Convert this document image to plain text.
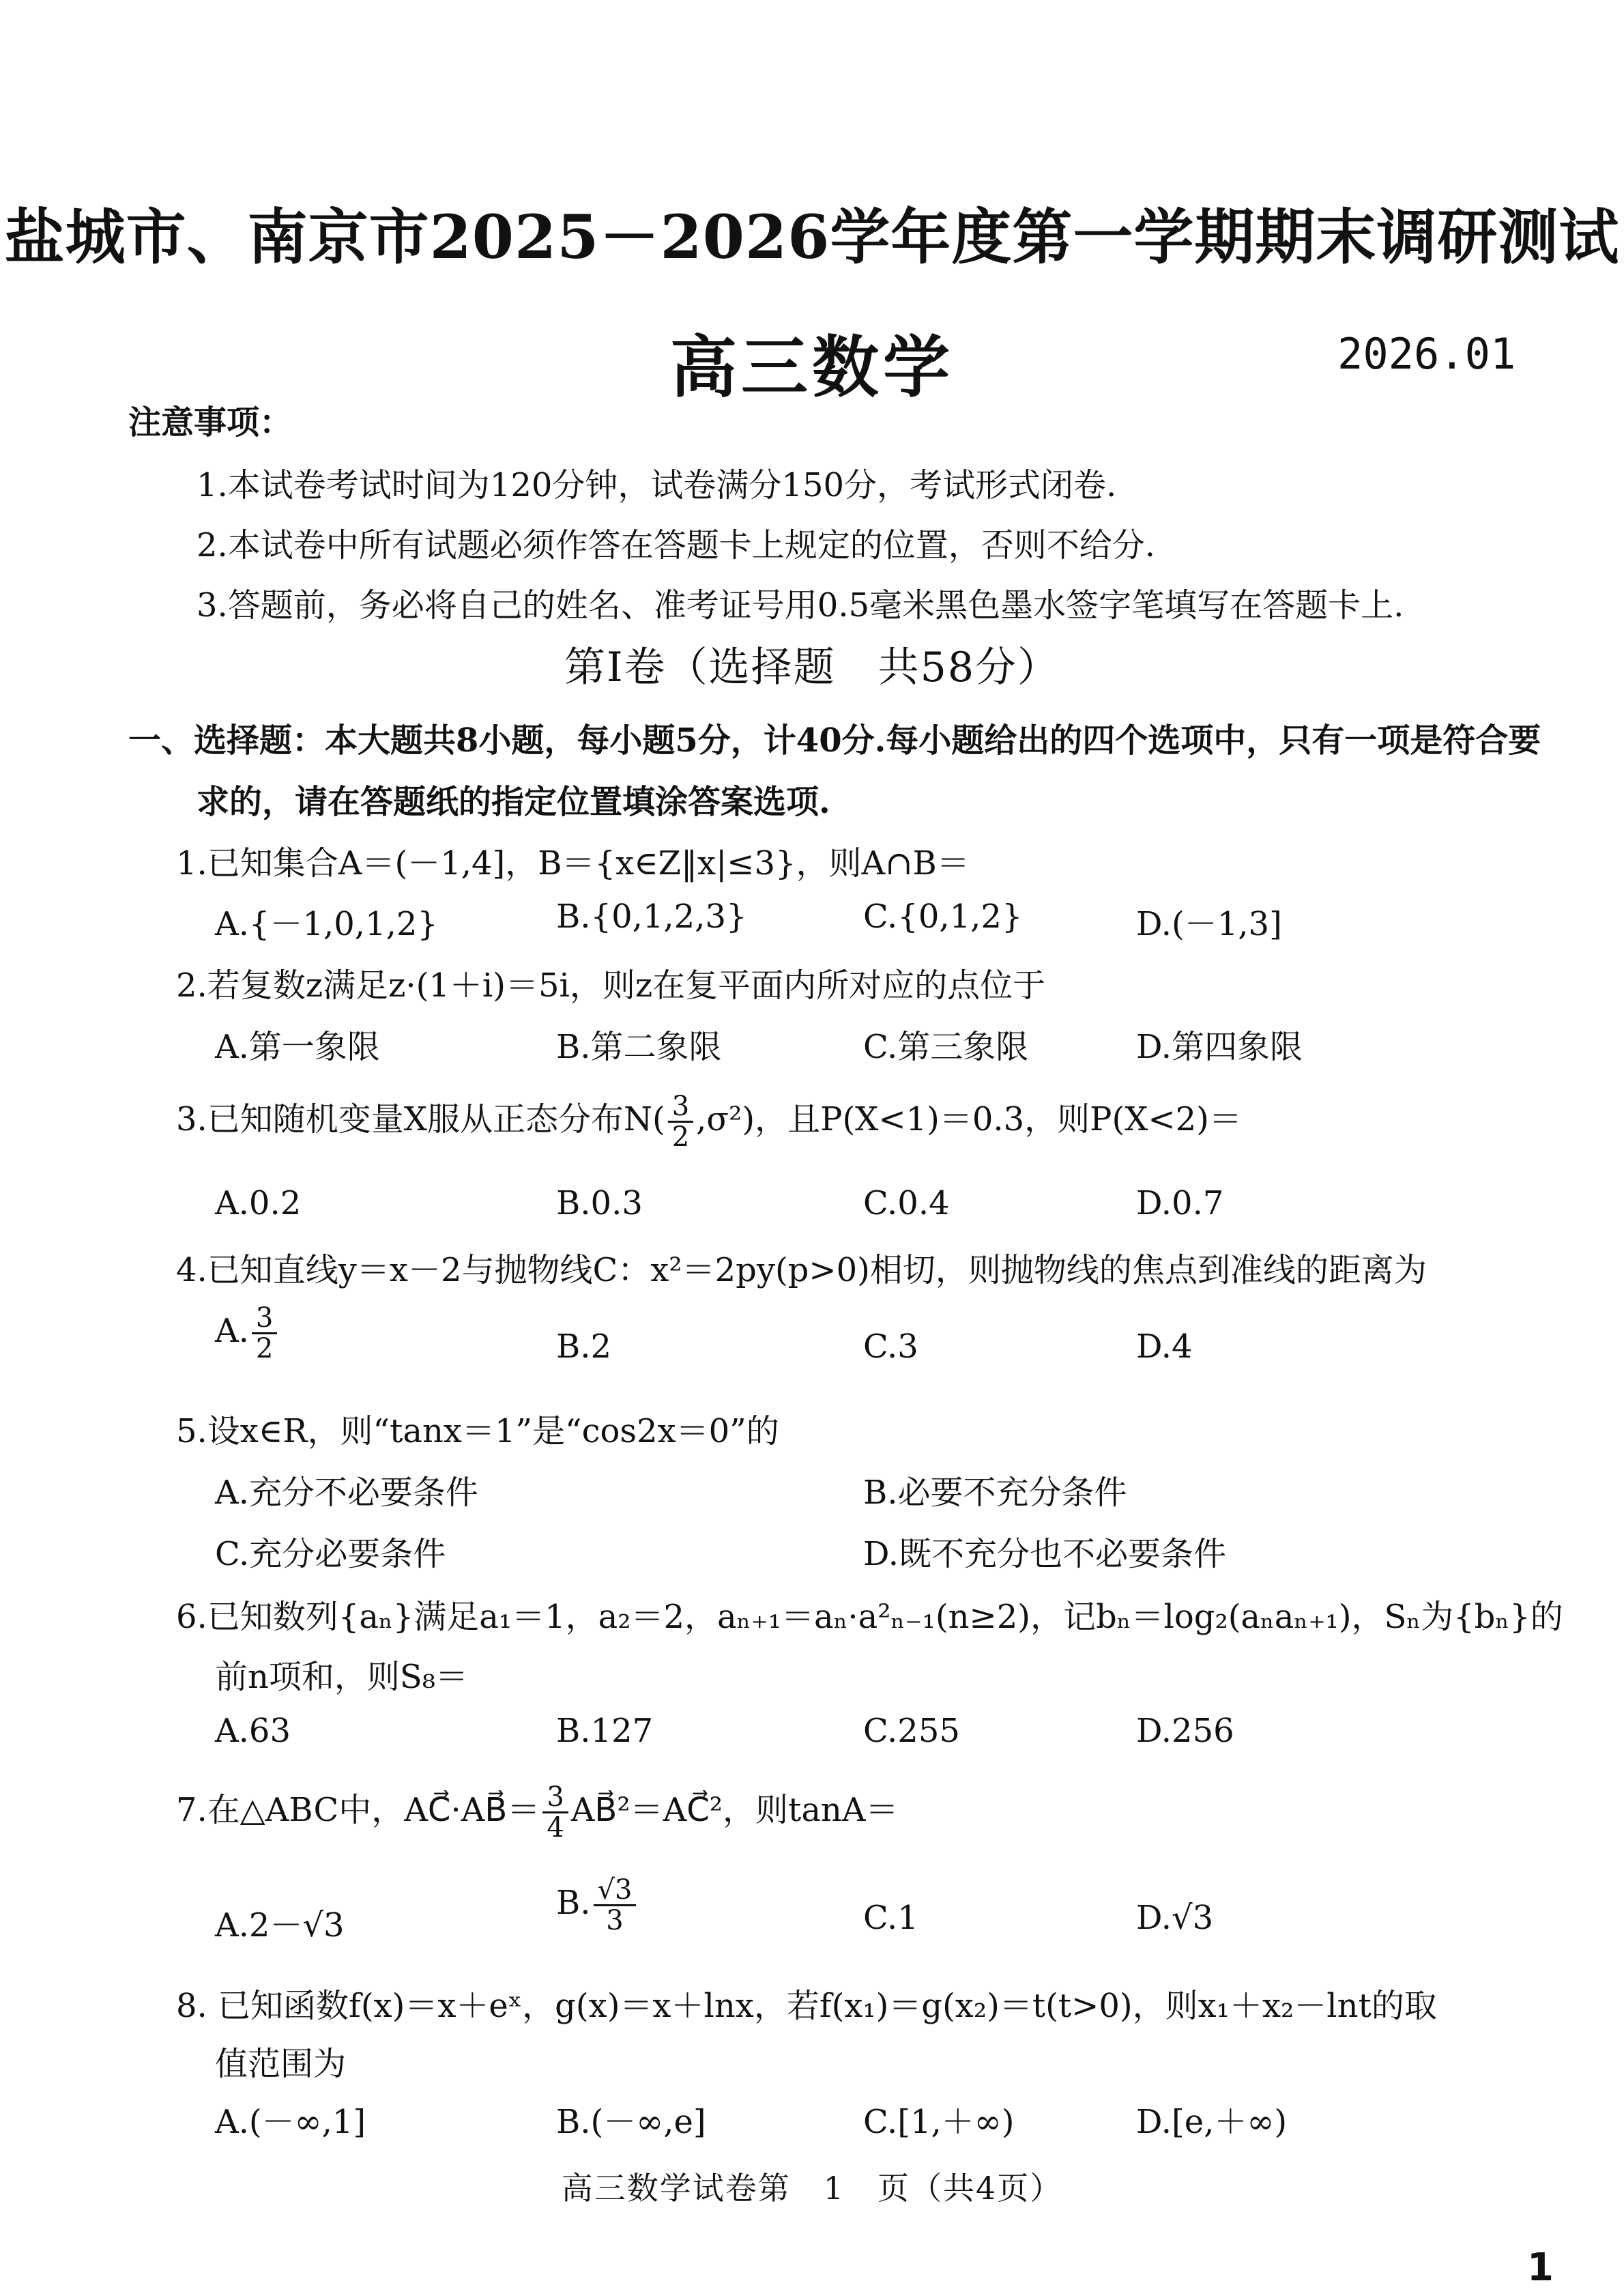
盐城市、南京市2025－2026学年度第一学期期末调研测试
高三数学	2026.01
注意事项：
1.本试卷考试时间为120分钟，试卷满分150分，考试形式闭卷.
2.本试卷中所有试题必须作答在答题卡上规定的位置，否则不给分.
3.答题前，务必将自己的姓名、准考证号用0.5毫米黑色墨水签字笔填写在答题卡上.
第Ⅰ卷（选择题　共58分）
一、选择题：本大题共8小题，每小题5分，计40分.每小题给出的四个选项中，只有一项是符合要
求的，请在答题纸的指定位置填涂答案选项.
1.已知集合A＝(－1,4]，B＝{x∈Z‖x|≤3}，则A∩B＝
A.{－1,0,1,2}	B.{0,1,2,3}	C.{0,1,2}	D.(－1,3]
2.若复数z满足z·(1＋i)＝5i，则z在复平面内所对应的点位于
A.第一象限	B.第二象限	C.第三象限	D.第四象限
3.已知随机变量X服从正态分布$N( \frac{3}{2} ,\sigma^2)$，且P(X<1)＝0.3，则P(X<2)＝
A.0.2	B.0.3	C.0.4	D.0.7
4.已知直线y＝x－2与抛物线C：x²＝2py(p>0)相切，则抛物线的焦点到准线的距离为
A. $\frac{3}{2}$	B.2	C.3	D.4
5.设x∈R，则“tanx＝1”是“cos2x＝0”的
A.充分不必要条件	B.必要不充分条件
C.充分必要条件	D.既不充分也不必要条件
6.已知数列{aₙ}满足a₁＝1，a₂＝2，aₙ₊₁＝aₙ·a²ₙ₋₁(n≥2)，记bₙ＝log₂(aₙaₙ₊₁)，Sₙ为{bₙ}的
前n项和，则S₈＝
A.63	B.127	C.255	D.256
7.在△ABC中，AC⃗·AB⃗＝ $\frac{3}{4}$ AB⃗²＝AC⃗²，则tanA＝
A.2－√3
B. $\frac{√3}{3}$	C.1	D.√3
8. 已知函数f(x)＝x＋eˣ，g(x)＝x＋lnx，若f(x₁)＝g(x₂)＝t(t>0)，则x₁＋x₂－lnt的取
值范围为
高三数学试卷第　1　页（共4页）
A.(－∞,1]	B.(－∞,e]	C.[1,＋∞)	D.[e,＋∞)
1
